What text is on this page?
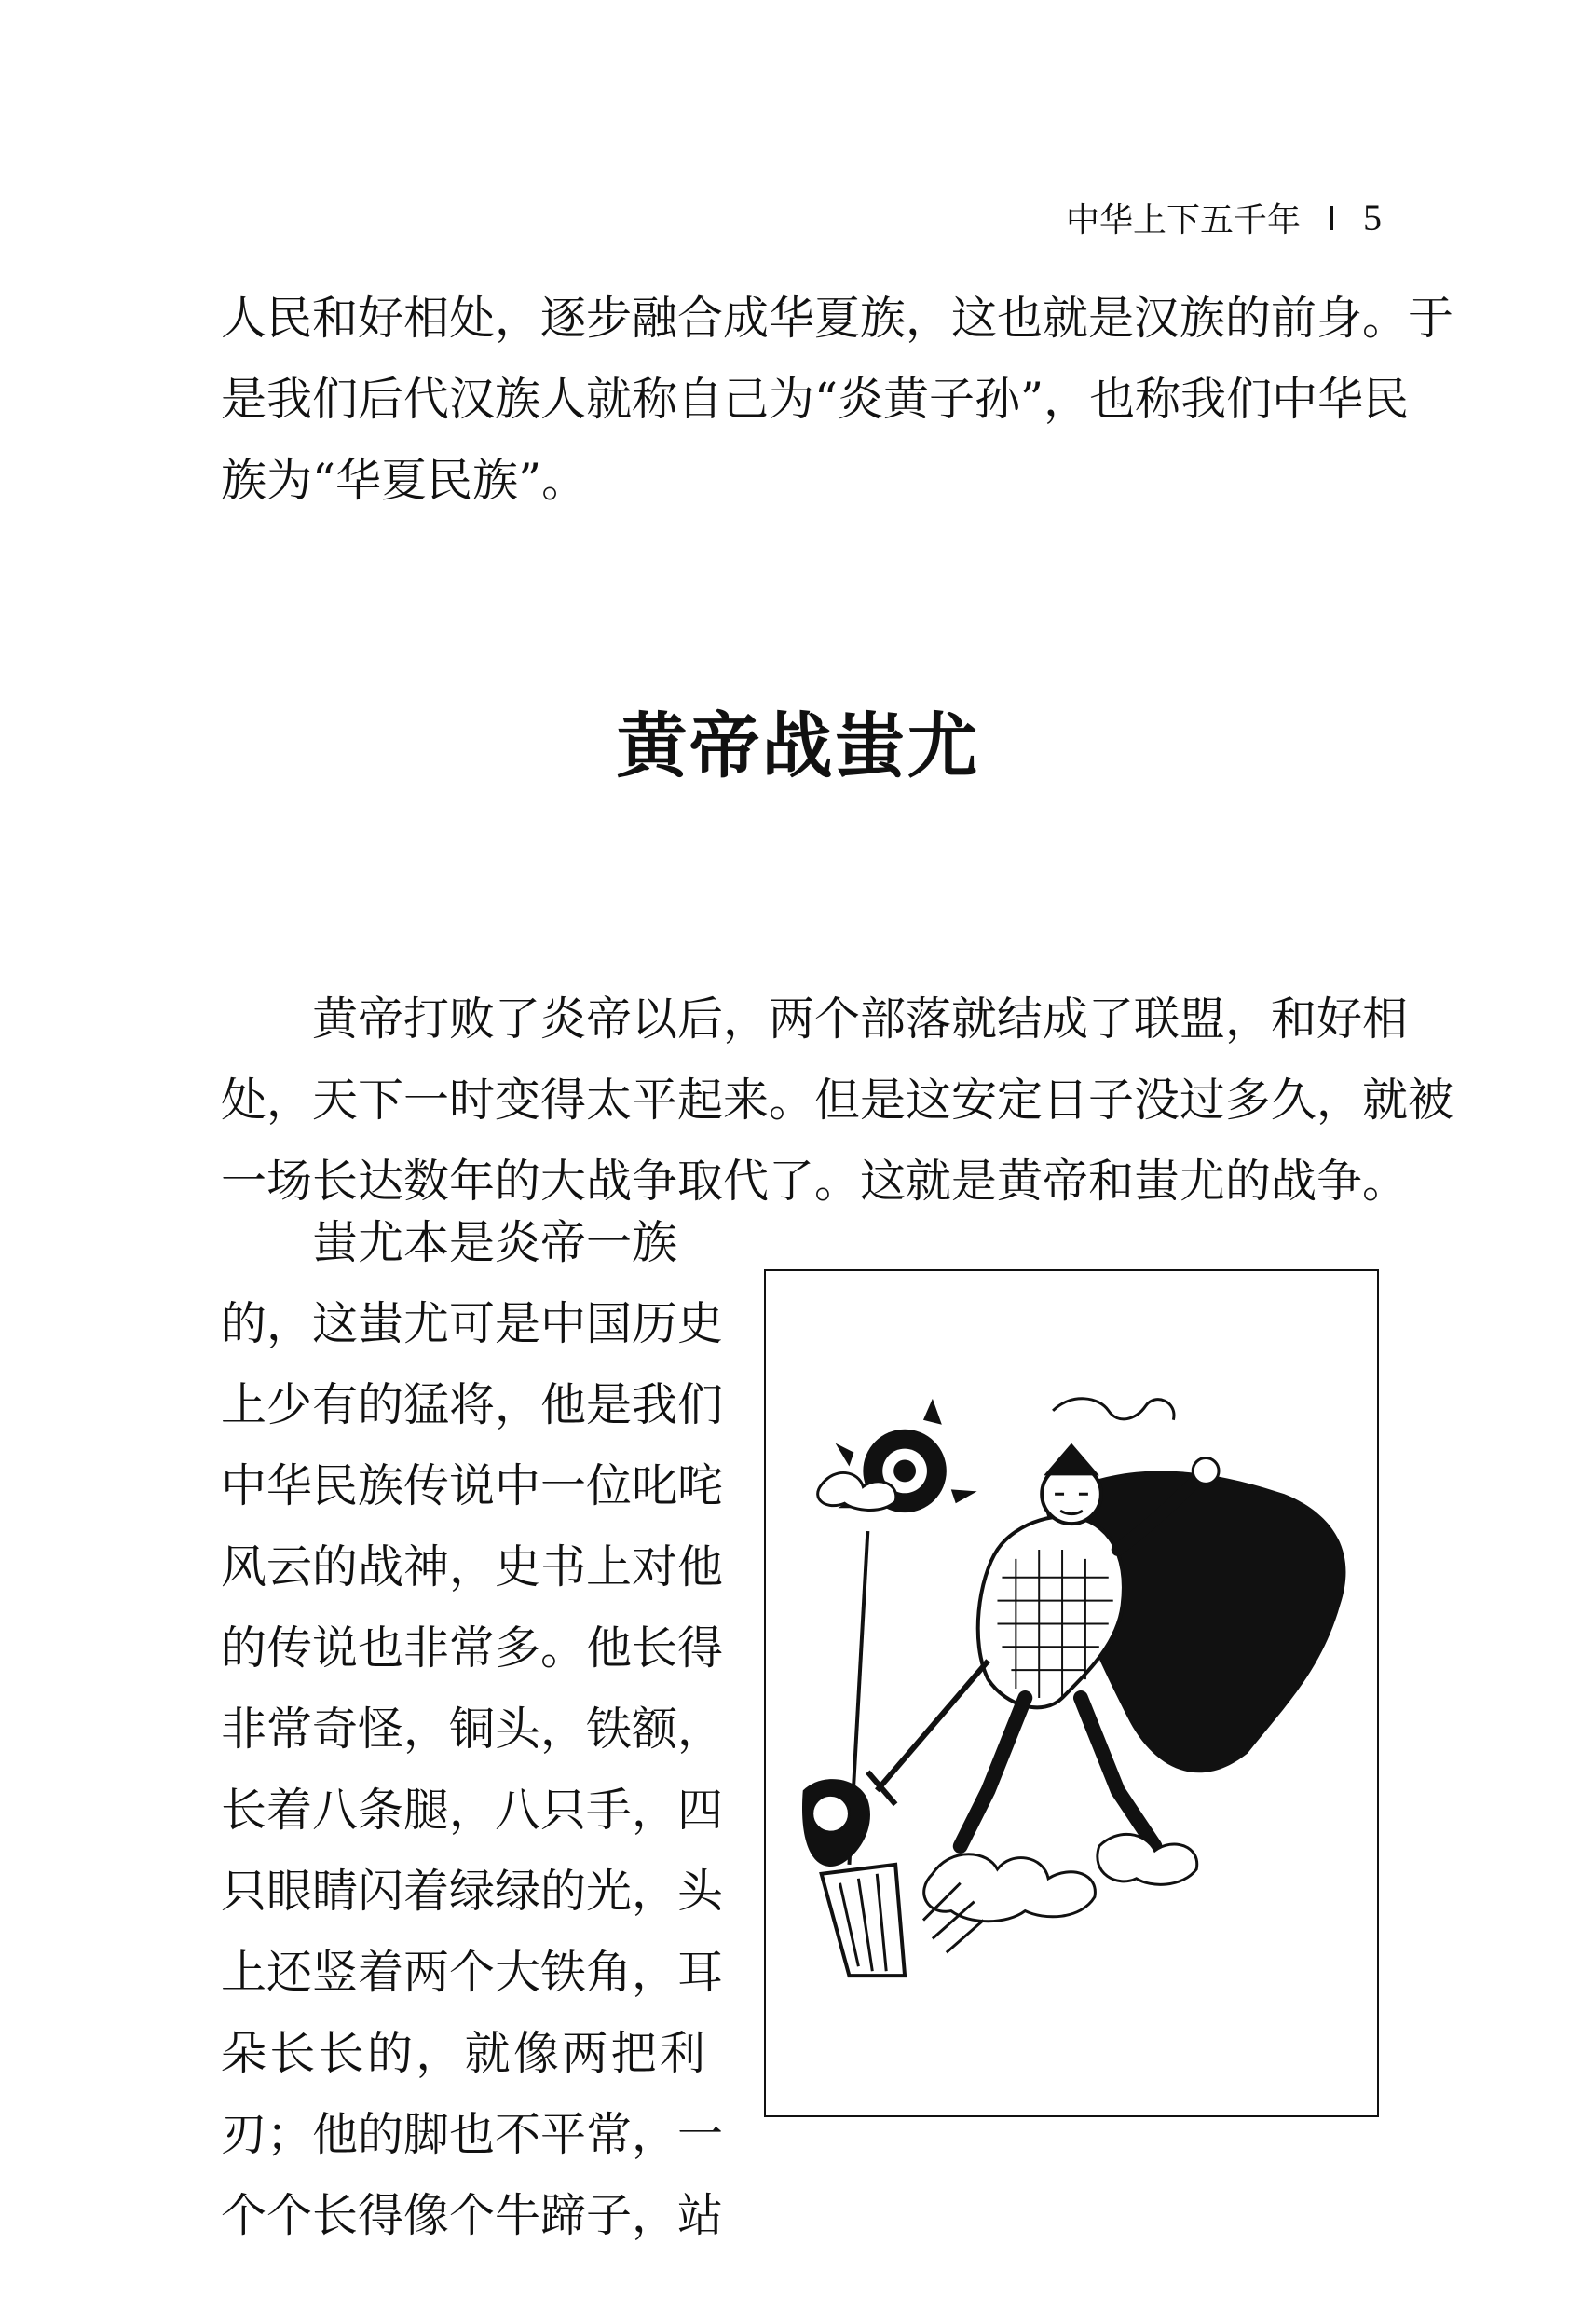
中华上下五千年 5
人民和好相处，逐步融合成华夏族，这也就是汉族的前身。于
是我们后代汉族人就称自己为“炎黄子孙”，也称我们中华民
族为“华夏民族”。
黄帝战蚩尤
　　黄帝打败了炎帝以后，两个部落就结成了联盟，和好相
处，天下一时变得太平起来。但是这安定日子没过多久，就被
一场长达数年的大战争取代了。这就是黄帝和蚩尤的战争。
　　蚩尤本是炎帝一族
的，这蚩尤可是中国历史
上少有的猛将，他是我们
中华民族传说中一位叱咤
风云的战神，史书上对他
的传说也非常多。他长得
非常奇怪，铜头，铁额，
长着八条腿，八只手，四
只眼睛闪着绿绿的光，头
上还竖着两个大铁角，耳
朵长长的，就像两把利
刃；他的脚也不平常，一
个个长得像个牛蹄子，站
